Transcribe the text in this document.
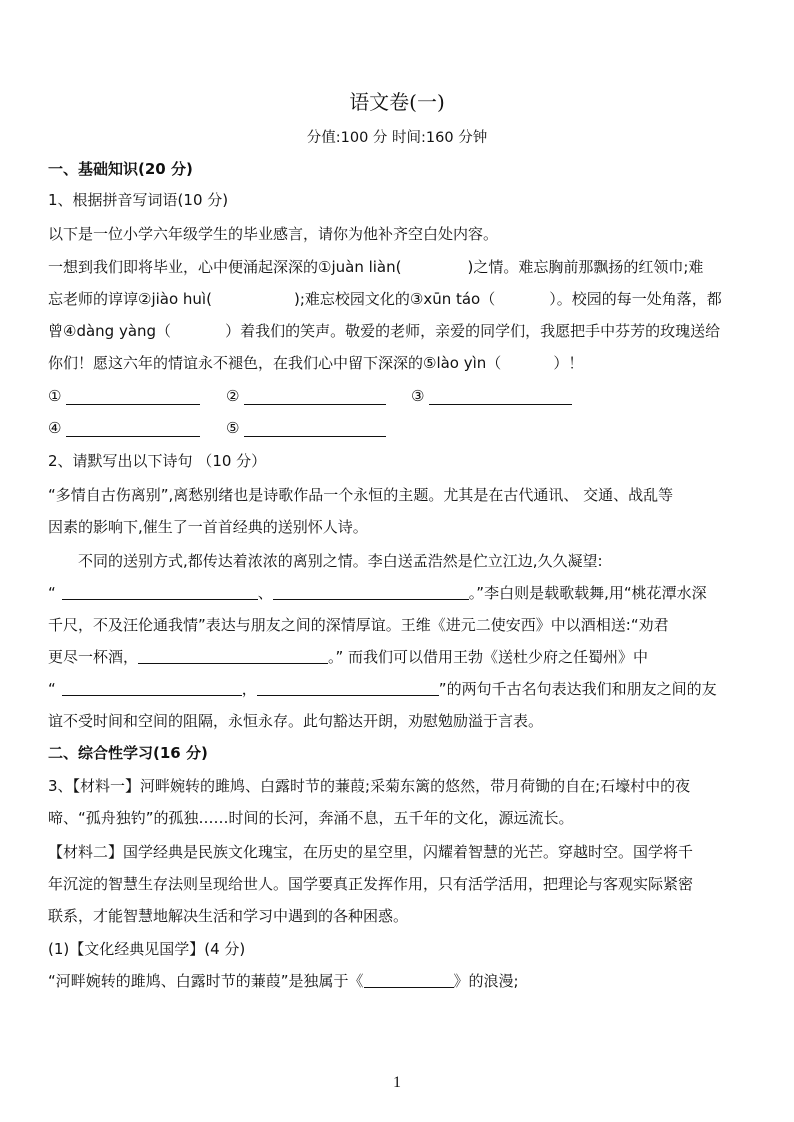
语文卷(一)
分值:100 分 时间:160 分钟
一、基础知识(20 分)
1、根据拼音写词语(10 分)
以下是一位小学六年级学生的毕业感言，请你为他补齐空白处内容。
一想到我们即将毕业，心中便涌起深深的①juàn liàn(	)之情。难忘胸前那飘扬的红领巾;难
忘老师的谆谆②jiào huì(	);难忘校园文化的③xūn táo（	）。校园的每一处角落，都
曾④dàng yàng（	）着我们的笑声。敬爱的老师，亲爱的同学们，我愿把手中芬芳的玫瑰送给
你们！愿这六年的情谊永不褪色，在我们心中留下深深的⑤lào yìn（	）！
①	②	③
④	⑤
2、请默写出以下诗句 （10 分）
“多情自古伤离别”,离愁别绪也是诗歌作品一个永恒的主题。尤其是在古代通讯、 交通、战乱等
因素的影响下,催生了一首首经典的送别怀人诗。
不同的送别方式,都传达着浓浓的离别之情。李白送孟浩然是伫立江边,久久凝望:
“	、	。”李白则是载歌载舞,用“桃花潭水深
千尺，不及汪伦通我情”表达与朋友之间的深情厚谊。王维《进元二使安西》中以酒相送:“劝君
更尽一杯酒，	。” 而我们可以借用王勃《送杜少府之任蜀州》中
“	，	”的两句千古名句表达我们和朋友之间的友
谊不受时间和空间的阻隔，永恒永存。此句豁达开朗，劝慰勉励溢于言表。
二、综合性学习(16 分)
3、【材料一】河畔婉转的雎鸠、白露时节的蒹葭;采菊东篱的悠然，带月荷锄的自在;石壕村中的夜
啼、“孤舟独钓”的孤独……时间的长河，奔涌不息，五千年的文化，源远流长。
【材料二】国学经典是民族文化瑰宝，在历史的星空里，闪耀着智慧的光芒。穿越时空。国学将千
年沉淀的智慧生存法则呈现给世人。国学要真正发挥作用，只有活学活用，把理论与客观实际紧密
联系，才能智慧地解决生活和学习中遇到的各种困惑。
(1)【文化经典见国学】(4 分)
“河畔婉转的雎鸠、白露时节的蒹葭”是独属于《	》的浪漫;
1
